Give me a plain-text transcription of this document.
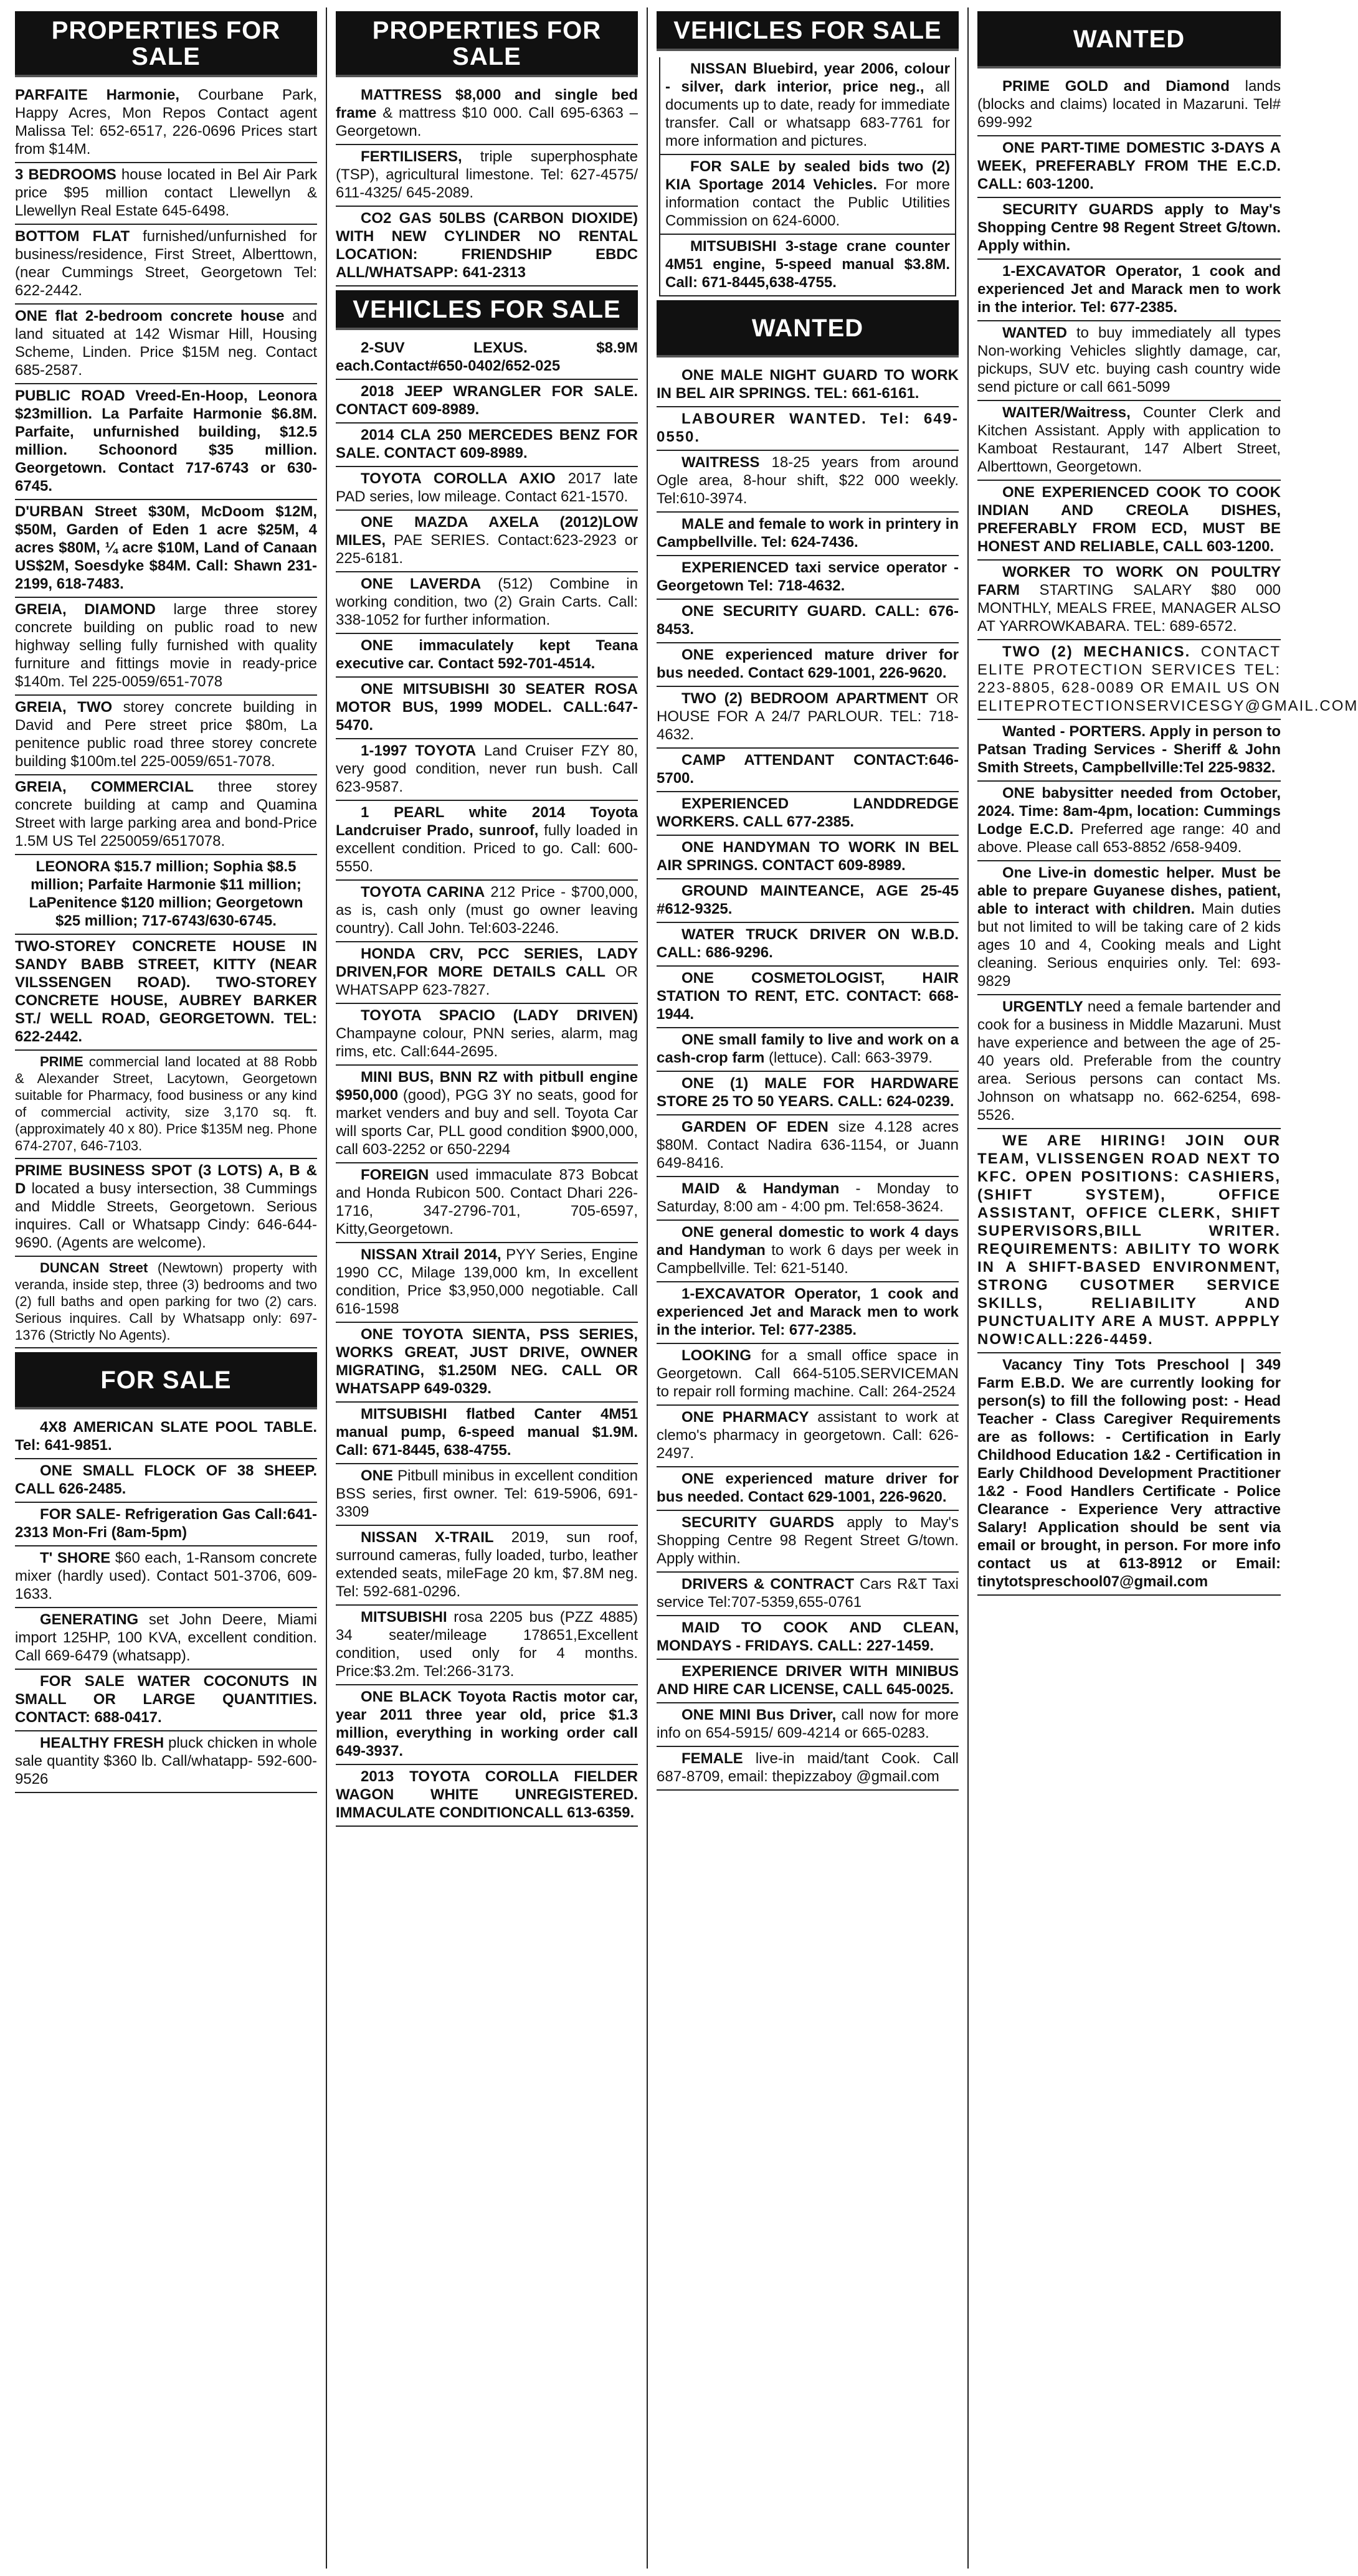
PROPERTIES FOR SALE
PARFAITE Harmonie, Courbane Park, Happy Acres, Mon Repos Contact agent Malissa Tel: 652-6517, 226-0696 Prices start from $14M.
3 BEDROOMS house located in Bel Air Park price $95 million contact Llewellyn & Llewellyn Real Estate 645-6498.
BOTTOM FLAT furnished/unfurnished for business/residence, First Street, Alberttown, (near Cummings Street, Georgetown Tel: 622-2442.
ONE flat 2-bedroom concrete house and land situated at 142 Wismar Hill, Housing Scheme, Linden. Price $15M neg. Contact 685-2587.
PUBLIC ROAD Vreed-En-Hoop, Leonora $23million. La Parfaite Harmonie $6.8M. Parfaite, unfurnished building, $12.5 million. Schoonord $35 million. Georgetown. Contact 717-6743 or 630-6745.
D'URBAN Street $30M, McDoom $12M, $50M, Garden of Eden 1 acre $25M, 4 acres $80M, ¼ acre $10M, Land of Canaan US$2M, Soesdyke $84M. Call: Shawn 231-2199, 618-7483.
GREIA, DIAMOND large three storey concrete building on public road to new highway selling fully furnished with quality furniture and fittings movie in ready-price $140m. Tel 225-0059/651-7078
GREIA, TWO storey concrete building in David and Pere street price $80m, La penitence public road three storey concrete building $100m.tel 225-0059/651-7078.
GREIA, COMMERCIAL three storey concrete building at camp and Quamina Street with large parking area and bond-Price 1.5M US Tel 2250059/6517078.
LEONORA $15.7 million; Sophia $8.5 million; Parfaite Harmonie $11 million; LaPenitence $120 million; Georgetown $25 million; 717-6743/630-6745.
TWO-STOREY CONCRETE HOUSE IN SANDY BABB STREET, KITTY (NEAR VILSSENGEN ROAD). TWO-STOREY CONCRETE HOUSE, AUBREY BARKER ST./ WELL ROAD, GEORGETOWN. TEL: 622-2442.
PRIME commercial land located at 88 Robb & Alexander Street, Lacytown, Georgetown suitable for Pharmacy, food business or any kind of commercial activity, size 3,170 sq. ft. (approximately 40 x 80). Price $135M neg. Phone 674-2707, 646-7103.
PRIME BUSINESS SPOT (3 LOTS) A, B & D located a busy intersection, 38 Cummings and Middle Streets, Georgetown. Serious inquires. Call or Whatsapp Cindy: 646-644-9690. (Agents are welcome).
DUNCAN Street (Newtown) property with veranda, inside step, three (3) bedrooms and two (2) full baths and open parking for two (2) cars. Serious inquires. Call by Whatsapp only: 697-1376 (Strictly No Agents).
FOR SALE
4X8 AMERICAN SLATE POOL TABLE. Tel: 641-9851.
ONE SMALL FLOCK OF 38 SHEEP. CALL 626-2485.
FOR SALE- Refrigeration Gas Call:641-2313 Mon-Fri (8am-5pm)
T' SHORE $60 each, 1-Ransom concrete mixer (hardly used). Contact 501-3706, 609-1633.
GENERATING set John Deere, Miami import 125HP, 100 KVA, excellent condition. Call 669-6479 (whatsapp).
FOR SALE WATER COCONUTS IN SMALL OR LARGE QUANTITIES. CONTACT: 688-0417.
HEALTHY FRESH pluck chicken in whole sale quantity $360 lb. Call/whatapp- 592-600-9526
PROPERTIES FOR SALE
MATTRESS $8,000 and single bed frame & mattress $10 000. Call 695-6363 – Georgetown.
FERTILISERS, triple superphosphate (TSP), agricultural limestone. Tel: 627-4575/ 611-4325/ 645-2089.
CO2 GAS 50LBS (CARBON DIOXIDE) WITH NEW CYLINDER NO RENTAL LOCATION: FRIENDSHIP EBDC ALL/WHATSAPP: 641-2313
VEHICLES FOR SALE
2-SUV LEXUS. $8.9M each.Contact#650-0402/652-025
2018 JEEP WRANGLER FOR SALE. CONTACT 609-8989.
2014 CLA 250 MERCEDES BENZ FOR SALE. CONTACT 609-8989.
TOYOTA COROLLA AXIO 2017 late PAD series, low mileage. Contact 621-1570.
ONE MAZDA AXELA (2012)LOW MILES, PAE SERIES. Contact:623-2923 or 225-6181.
ONE LAVERDA (512) Combine in working condition, two (2) Grain Carts. Call: 338-1052 for further information.
ONE immaculately kept Teana executive car. Contact 592-701-4514.
ONE MITSUBISHI 30 SEATER ROSA MOTOR BUS, 1999 MODEL. CALL:647-5470.
1-1997 TOYOTA Land Cruiser FZY 80, very good condition, never run bush. Call 623-9587.
1 PEARL white 2014 Toyota Landcruiser Prado, sunroof, fully loaded in excellent condition. Priced to go. Call: 600-5550.
TOYOTA CARINA 212 Price - $700,000, as is, cash only (must go owner leaving country). Call John. Tel:603-2246.
HONDA CRV, PCC SERIES, LADY DRIVEN,FOR MORE DETAILS CALL OR WHATSAPP 623-7827.
TOYOTA SPACIO (LADY DRIVEN) Champayne colour, PNN series, alarm, mag rims, etc. Call:644-2695.
MINI BUS, BNN RZ with pitbull engine $950,000 (good), PGG 3Y no seats, good for market venders and buy and sell. Toyota Car will sports Car, PLL good condition $900,000, call 603-2252 or 650-2294
FOREIGN used immaculate 873 Bobcat and Honda Rubicon 500. Contact Dhari 226-1716, 347-2796-701, 705-6597, Kitty,Georgetown.
NISSAN Xtrail 2014, PYY Series, Engine 1990 CC, Milage 139,000 km, In excellent condition, Price $3,950,000 negotiable. Call 616-1598
ONE TOYOTA SIENTA, PSS SERIES, WORKS GREAT, JUST DRIVE, OWNER MIGRATING, $1.250M NEG. CALL OR WHATSAPP 649-0329.
MITSUBISHI flatbed Canter 4M51 manual pump, 6-speed manual $1.9M. Call: 671-8445, 638-4755.
ONE Pitbull minibus in excellent condition BSS series, first owner. Tel: 619-5906, 691-3309
NISSAN X-TRAIL 2019, sun roof, surround cameras, fully loaded, turbo, leather extended seats, mileFage 20 km, $7.8M neg. Tel: 592-681-0296.
MITSUBISHI rosa 2205 bus (PZZ 4885) 34 seater/mileage 178651,Excellent condition, used only for 4 months. Price:$3.2m. Tel:266-3173.
ONE BLACK Toyota Ractis motor car, year 2011 three year old, price $1.3 million, everything in working order call 649-3937.
2013 TOYOTA COROLLA FIELDER WAGON WHITE UNREGISTERED. IMMACULATE CONDITIONCALL 613-6359.
VEHICLES FOR SALE
NISSAN Bluebird, year 2006, colour - silver, dark interior, price neg., all documents up to date, ready for immediate transfer. Call or whatsapp 683-7761 for more information and pictures.
FOR SALE by sealed bids two (2) KIA Sportage 2014 Vehicles. For more information contact the Public Utilities Commission on 624-6000.
MITSUBISHI 3-stage crane counter 4M51 engine, 5-speed manual $3.8M. Call: 671-8445,638-4755.
WANTED
ONE MALE NIGHT GUARD TO WORK IN BEL AIR SPRINGS. TEL: 661-6161.
LABOURER WANTED. Tel: 649-0550.
WAITRESS 18-25 years from around Ogle area, 8-hour shift, $22 000 weekly. Tel:610-3974.
MALE and female to work in printery in Campbellville. Tel: 624-7436.
EXPERIENCED taxi service operator - Georgetown Tel: 718-4632.
ONE SECURITY GUARD. CALL: 676-8453.
ONE experienced mature driver for bus needed. Contact 629-1001, 226-9620.
TWO (2) BEDROOM APARTMENT OR HOUSE FOR A 24/7 PARLOUR. TEL: 718-4632.
CAMP ATTENDANT CONTACT:646-5700.
EXPERIENCED LANDDREDGE WORKERS. CALL 677-2385.
ONE HANDYMAN TO WORK IN BEL AIR SPRINGS. CONTACT 609-8989.
GROUND MAINTEANCE, AGE 25-45 #612-9325.
WATER TRUCK DRIVER ON W.B.D. CALL: 686-9296.
ONE COSMETOLOGIST, HAIR STATION TO RENT, ETC. CONTACT: 668-1944.
ONE small family to live and work on a cash-crop farm (lettuce). Call: 663-3979.
ONE (1) MALE FOR HARDWARE STORE 25 TO 50 YEARS. CALL: 624-0239.
GARDEN OF EDEN size 4.128 acres $80M. Contact Nadira 636-1154, or Juann 649-8416.
MAID & Handyman - Monday to Saturday, 8:00 am - 4:00 pm. Tel:658-3624.
ONE general domestic to work 4 days and Handyman to work 6 days per week in Campbellville. Tel: 621-5140.
1-EXCAVATOR Operator, 1 cook and experienced Jet and Marack men to work in the interior. Tel: 677-2385.
LOOKING for a small office space in Georgetown. Call 664-5105.SERVICEMAN to repair roll forming machine. Call: 264-2524
ONE PHARMACY assistant to work at clemo's pharmacy in georgetown. Call: 626-2497.
ONE experienced mature driver for bus needed. Contact 629-1001, 226-9620.
SECURITY GUARDS apply to May's Shopping Centre 98 Regent Street G/town. Apply within.
DRIVERS & CONTRACT Cars R&T Taxi service Tel:707-5359,655-0761
MAID TO COOK AND CLEAN, MONDAYS - FRIDAYS. CALL: 227-1459.
EXPERIENCE DRIVER WITH MINIBUS AND HIRE CAR LICENSE, CALL 645-0025.
ONE MINI Bus Driver, call now for more info on 654-5915/ 609-4214 or 665-0283.
FEMALE live-in maid/tant Cook. Call 687-8709, email: thepizzaboy @gmail.com
WANTED
PRIME GOLD and Diamond lands (blocks and claims) located in Mazaruni. Tel# 699-992
ONE PART-TIME DOMESTIC 3-DAYS A WEEK, PREFERABLY FROM THE E.C.D. CALL: 603-1200.
SECURITY GUARDS apply to May's Shopping Centre 98 Regent Street G/town. Apply within.
1-EXCAVATOR Operator, 1 cook and experienced Jet and Marack men to work in the interior. Tel: 677-2385.
WANTED to buy immediately all types Non-working Vehicles slightly damage, car, pickups, SUV etc. buying cash country wide send picture or call 661-5099
WAITER/Waitress, Counter Clerk and Kitchen Assistant. Apply with application to Kamboat Restaurant, 147 Albert Street, Alberttown, Georgetown.
ONE EXPERIENCED COOK TO COOK INDIAN AND CREOLA DISHES, PREFERABLY FROM ECD, MUST BE HONEST AND RELIABLE, CALL 603-1200.
WORKER TO WORK ON POULTRY FARM STARTING SALARY $80 000 MONTHLY, MEALS FREE, MANAGER ALSO AT YARROWKABARA. TEL: 689-6572.
TWO (2) MECHANICS. CONTACT ELITE PROTECTION SERVICES TEL: 223-8805, 628-0089 OR EMAIL US ON ELITEPROTECTIONSERVICESGY@GMAIL.COM
Wanted - PORTERS. Apply in person to Patsan Trading Services - Sheriff & John Smith Streets, Campbellville:Tel 225-9832.
ONE babysitter needed from October, 2024. Time: 8am-4pm, location: Cummings Lodge E.C.D. Preferred age range: 40 and above. Please call 653-8852 /658-9409.
One Live-in domestic helper. Must be able to prepare Guyanese dishes, patient, able to interact with children. Main duties but not limited to will be taking care of 2 kids ages 10 and 4, Cooking meals and Light cleaning. Serious enquiries only. Tel: 693-9829
URGENTLY need a female bartender and cook for a business in Middle Mazaruni. Must have experience and between the age of 25-40 years old. Preferable from the country area. Serious persons can contact Ms. Johnson on whatsapp no. 662-6254, 698-5526.
WE ARE HIRING! JOIN OUR TEAM, VLISSENGEN ROAD NEXT TO KFC. OPEN POSITIONS: CASHIERS, (SHIFT SYSTEM), OFFICE ASSISTANT, OFFICE CLERK, SHIFT SUPERVISORS,BILL WRITER. REQUIREMENTS: ABILITY TO WORK IN A SHIFT-BASED ENVIRONMENT, STRONG CUSOTMER SERVICE SKILLS, RELIABILITY AND PUNCTUALITY ARE A MUST. APPPLY NOW!CALL:226-4459.
Vacancy Tiny Tots Preschool | 349 Farm E.B.D. We are currently looking for person(s) to fill the following post: - Head Teacher - Class Caregiver Requirements are as follows: - Certification in Early Childhood Education 1&2 - Certification in Early Childhood Development Practitioner 1&2 - Food Handlers Certificate - Police Clearance - Experience Very attractive Salary! Application should be sent via email or brought, in person. For more info contact us at 613-8912 or Email: tinytotspreschool07@gmail.com
